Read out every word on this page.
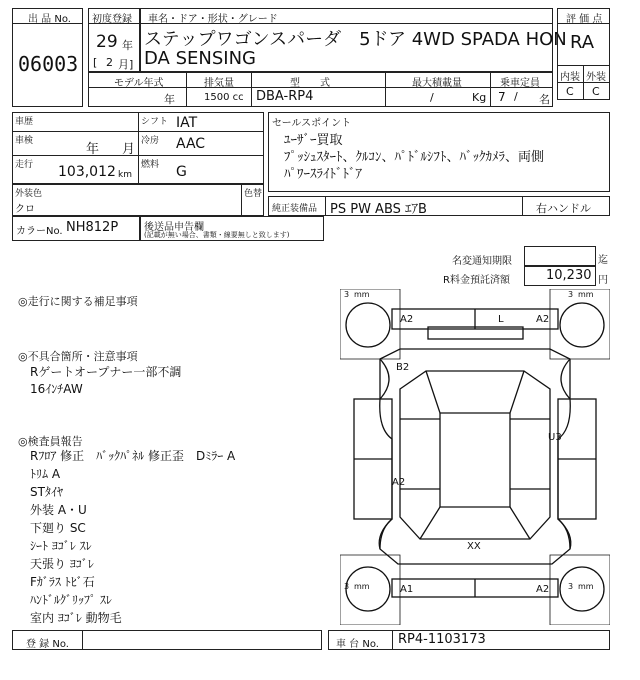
出 品 No.
06003
初度登録
29 年
[ 2 月]
車名・ドア・形状・グレード
ステップワゴンスパーダ　5ドア 4WD SPADA HON
DA SENSING
評 価 点
RA
内装 外装
C C
モデル年式	排気量	型　　式	最大積載量	乗車定員
年	1500 cc DBA-RP4	/	Kg 7 / 名
車歴	シフト IAT
車検
年 月
冷房 AAC
走行 103,012 km
燃料 G
外装色
クロ
色替
カラーNo. NH812P	後送品申告欄
(記載が無い場合、書類・線要無しと致します)
セールスポイント
ﾕｰｻﾞｰ買取
ﾌﾟｯｼｭｽﾀｰﾄ、ｸﾙｺﾝ、ﾊﾟﾄﾞﾙｼﾌﾄ、ﾊﾞｯｸｶﾒﾗ、両側
ﾊﾟﾜｰｽﾗｲﾄﾞﾄﾞｱ
純正装備品 PS PW ABS ｴｱB	右ハンドル
名変通知期限	迄
R料金預託済額	10,230 円
◎走行に関する補足事項
◎不具合箇所・注意事項
Rゲートオープナー一部不調
16ｲﾝﾁAW
◎検査員報告
Rﾌﾛｱ 修正　ﾊﾞｯｸﾊﾟﾈﾙ 修正歪　Dﾐﾗｰ A
ﾄﾘﾑ A
STﾀｲﾔ
外装 A・U
下廻り SC
ｼｰﾄ ﾖｺﾞﾚ ｽﾚ
天張り ﾖｺﾞﾚ
Fｶﾞﾗｽ ﾄﾋﾞ石
ﾊﾝﾄﾞﾙｸﾞﾘｯﾌﾟ ｽﾚ
室内 ﾖｺﾞﾚ 動物毛
3	3
3	3
mm	mm
mm	mm
A2	L	A2
B2
U3
A2
XX
A1	A2
登 録 No.	車 台 No. RP4-1103173
